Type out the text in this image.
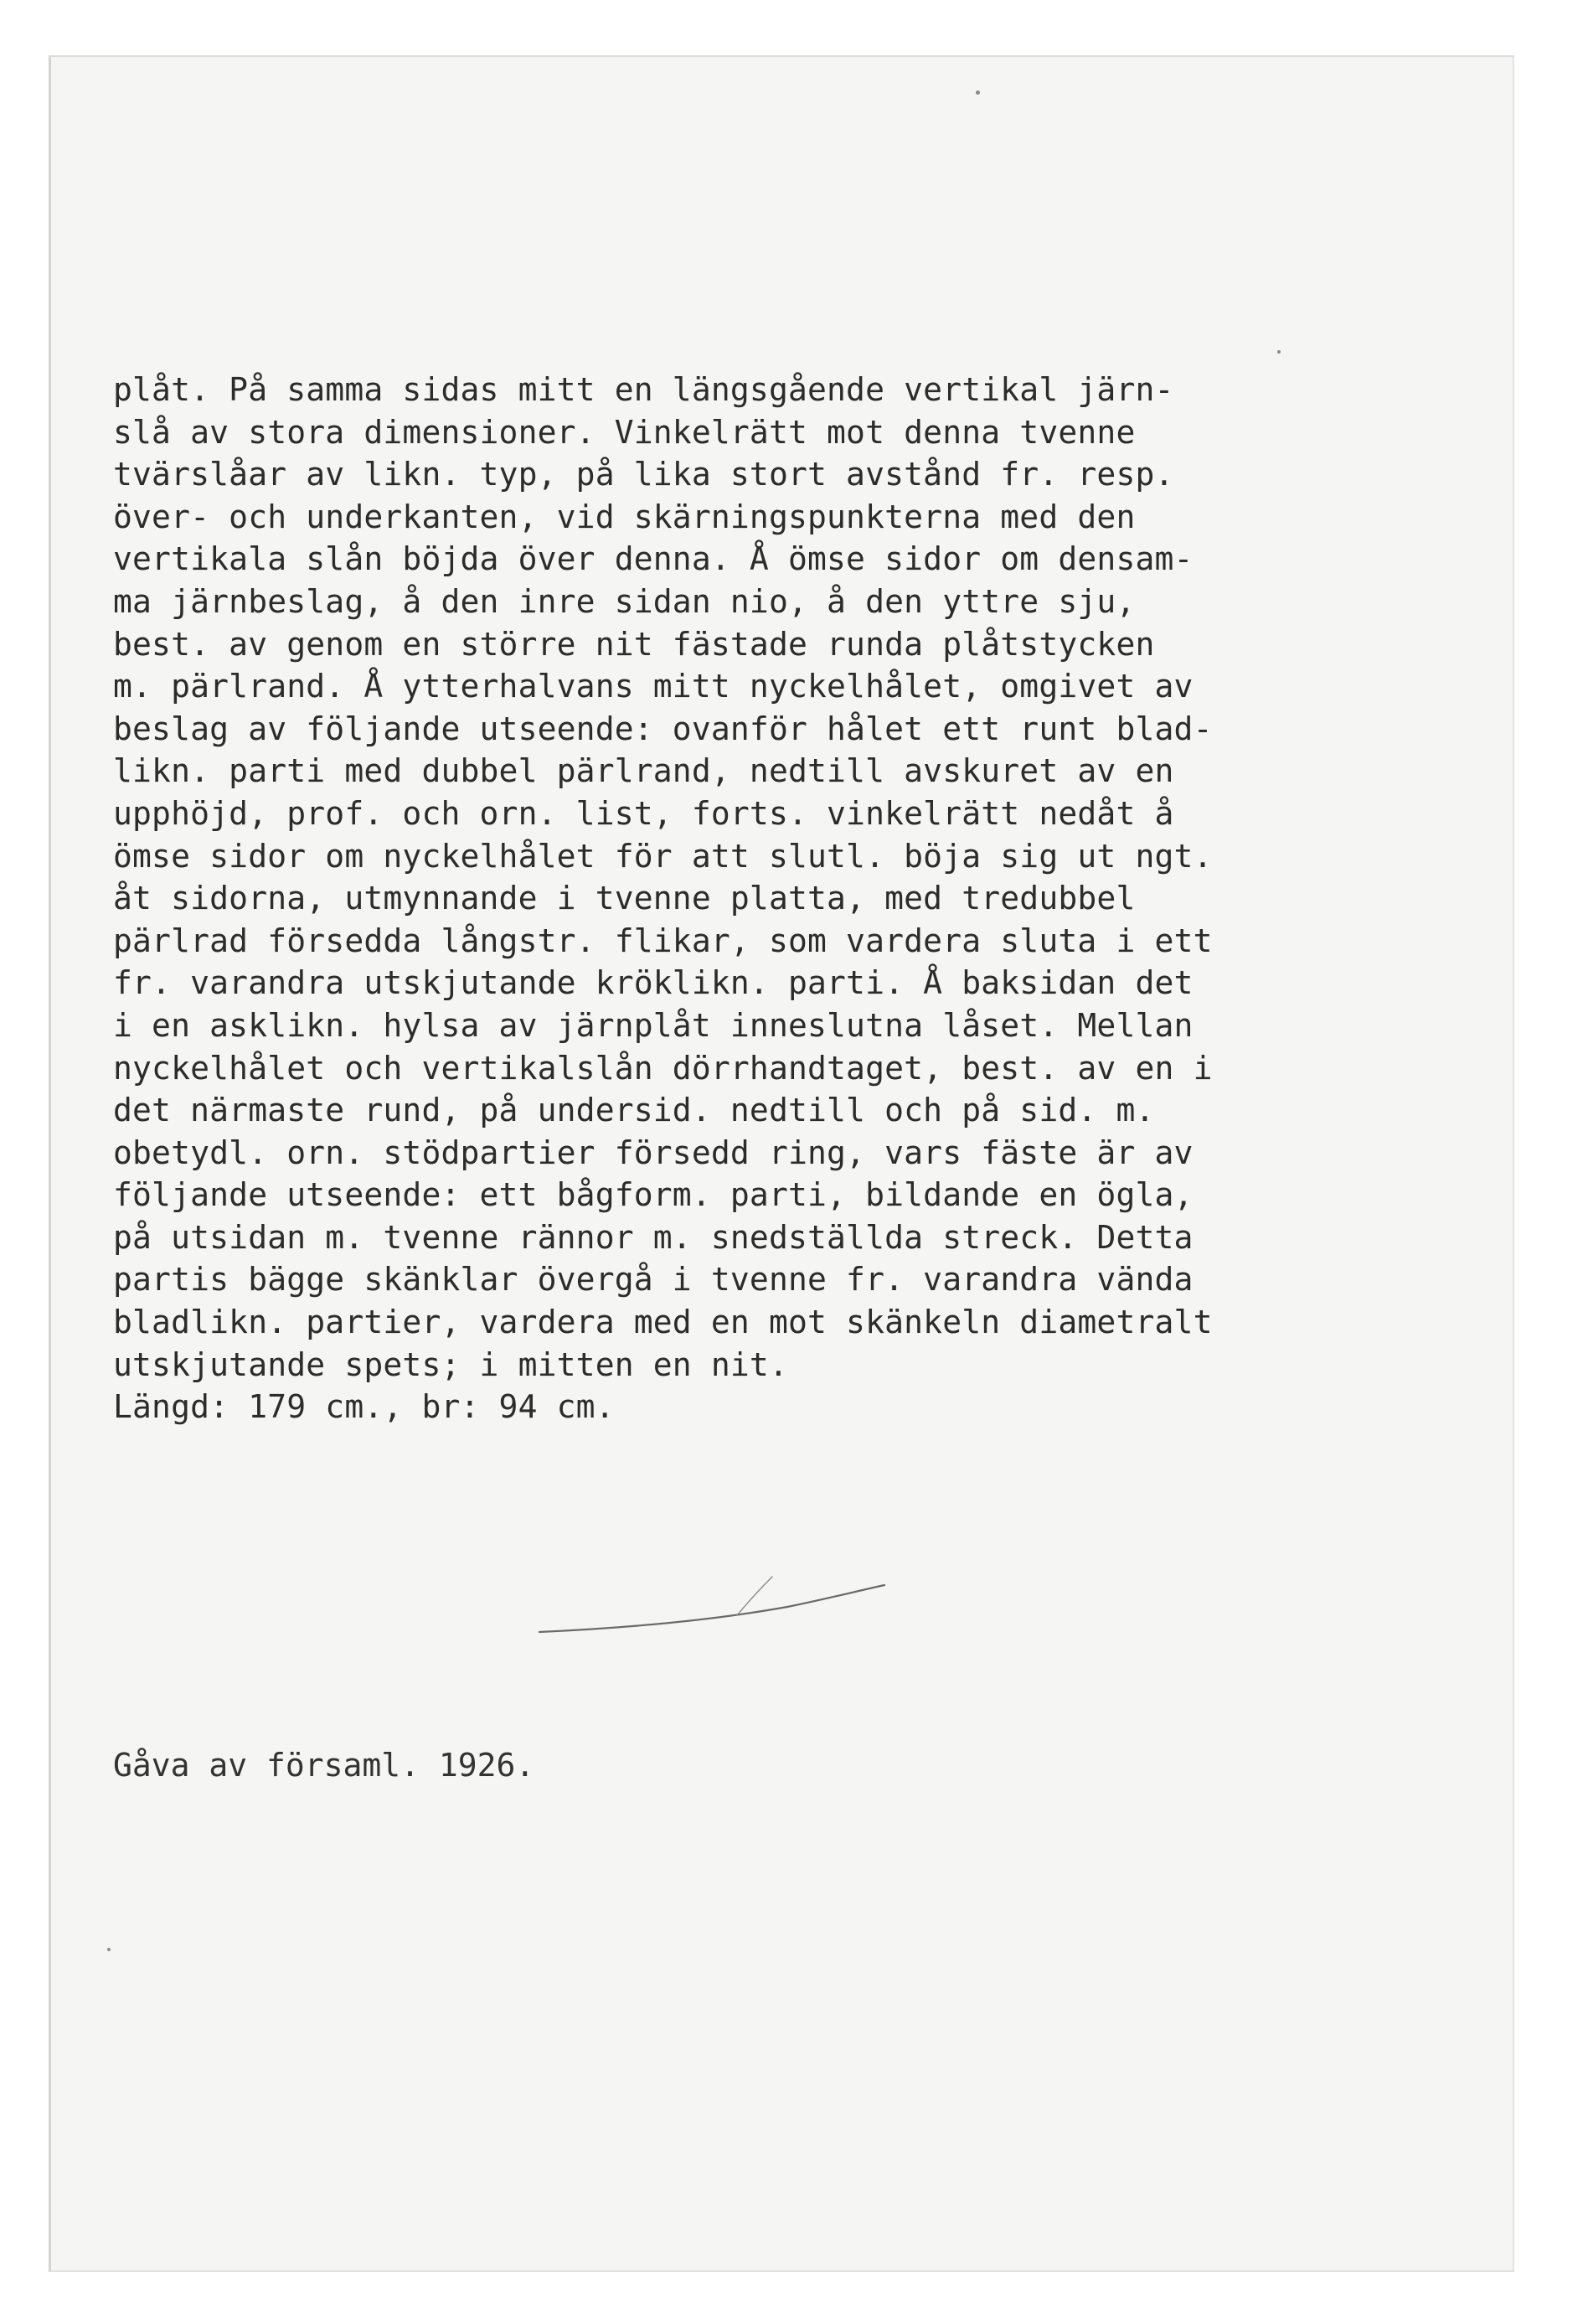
plåt. På samma sidas mitt en längsgående vertikal järn-
slå av stora dimensioner. Vinkelrätt mot denna tvenne
tvärslåar av likn. typ, på lika stort avstånd fr. resp.
över- och underkanten, vid skärningspunkterna med den
vertikala slån böjda över denna. Å ömse sidor om densam-
ma järnbeslag, å den inre sidan nio, å den yttre sju,
best. av genom en större nit fästade runda plåtstycken
m. pärlrand. Å ytterhalvans mitt nyckelhålet, omgivet av
beslag av följande utseende: ovanför hålet ett runt blad-
likn. parti med dubbel pärlrand, nedtill avskuret av en
upphöjd, prof. och orn. list, forts. vinkelrätt nedåt å
ömse sidor om nyckelhålet för att slutl. böja sig ut ngt.
åt sidorna, utmynnande i tvenne platta, med tredubbel
pärlrad försedda långstr. flikar, som vardera sluta i ett
fr. varandra utskjutande kröklikn. parti. Å baksidan det
i en asklikn. hylsa av järnplåt inneslutna låset. Mellan
nyckelhålet och vertikalslån dörrhandtaget, best. av en i
det närmaste rund, på undersid. nedtill och på sid. m.
obetydl. orn. stödpartier försedd ring, vars fäste är av
följande utseende: ett bågform. parti, bildande en ögla,
på utsidan m. tvenne rännor m. snedställda streck. Detta
partis bägge skänklar övergå i tvenne fr. varandra vända
bladlikn. partier, vardera med en mot skänkeln diametralt
utskjutande spets; i mitten en nit.
Längd: 179 cm., br: 94 cm.

Gåva av församl. 1926.
